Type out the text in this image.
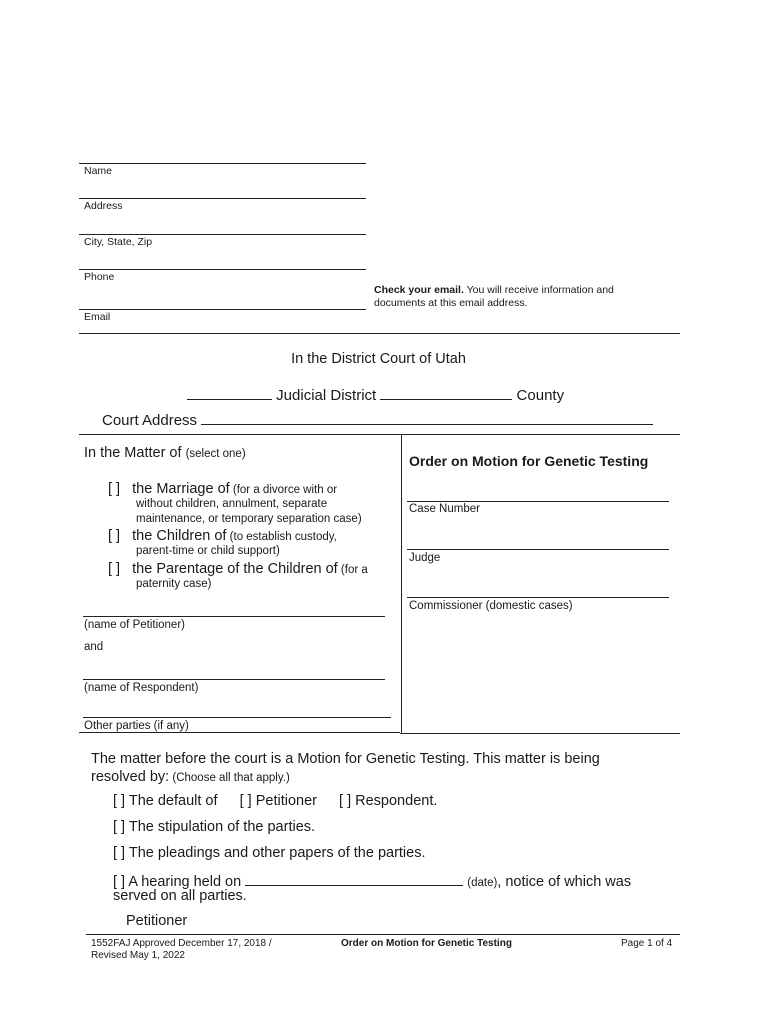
Name
Address
City, State, Zip
Phone
Email
Check your email. You will receive information and
documents at this email address.
In the District Court of Utah
Judicial District	County
Court Address
In the Matter of (select one)
[ ] the Marriage of (for a divorce with or
without children, annulment, separate
maintenance, or temporary separation case)
[ ] the Children of (to establish custody,
parent-time or child support)
[ ] the Parentage of the Children of (for a
paternity case)
(name of Petitioner)
and
(name of Respondent)
Other parties (if any)
Order on Motion for Genetic Testing
Case Number
Judge
Commissioner (domestic cases)
The matter before the court is a Motion for Genetic Testing. This matter is being
resolved by: (Choose all that apply.)
[ ] The default of [ ] Petitioner [ ] Respondent.
[ ] The stipulation of the parties.
[ ] The pleadings and other papers of the parties.
[ ] A hearing held on	(date), notice of which was
served on all parties.
Petitioner
1552FAJ Approved December 17, 2018 /
Revised May 1, 2022
Order on Motion for Genetic Testing	Page 1 of 4
